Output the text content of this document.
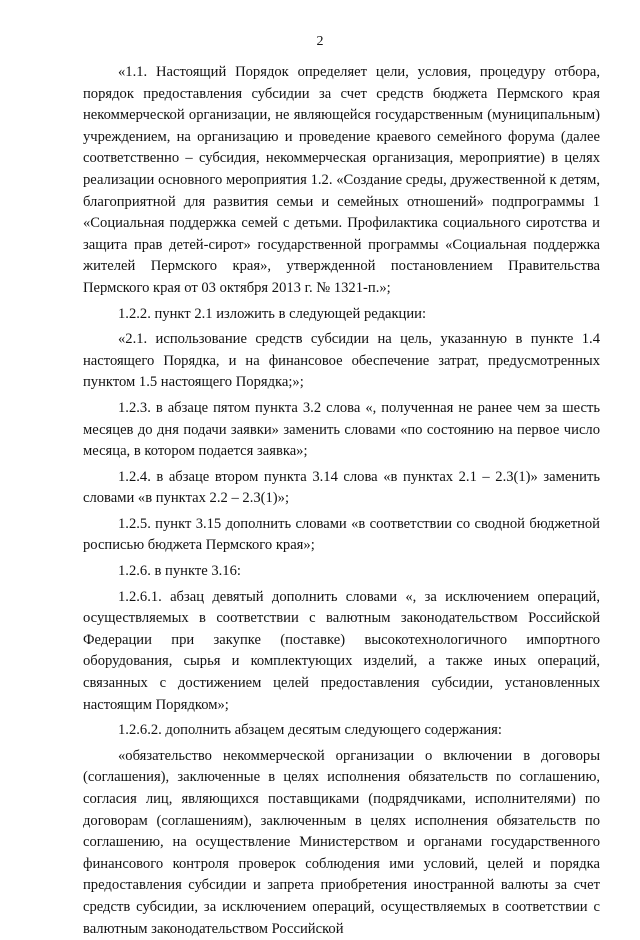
2

«1.1. Настоящий Порядок определяет цели, условия, процедуру отбора, порядок предоставления субсидии за счет средств бюджета Пермского края некоммерческой организации, не являющейся государственным (муниципальным) учреждением, на организацию и проведение краевого семейного форума (далее соответственно – субсидия, некоммерческая организация, мероприятие) в целях реализации основного мероприятия 1.2. «Создание среды, дружественной к детям, благоприятной для развития семьи и семейных отношений» подпрограммы 1 «Социальная поддержка семей с детьми. Профилактика социального сиротства и защита прав детей-сирот» государственной программы «Социальная поддержка жителей Пермского края», утвержденной постановлением Правительства Пермского края от 03 октября 2013 г. № 1321-п.»;

1.2.2. пункт 2.1 изложить в следующей редакции:

«2.1. использование средств субсидии на цель, указанную в пункте 1.4 настоящего Порядка, и на финансовое обеспечение затрат, предусмотренных пунктом 1.5 настоящего Порядка;»;

1.2.3. в абзаце пятом пункта 3.2 слова «, полученная не ранее чем за шесть месяцев до дня подачи заявки» заменить словами «по состоянию на первое число месяца, в котором подается заявка»;

1.2.4. в абзаце втором пункта 3.14 слова «в пунктах 2.1 – 2.3(1)» заменить словами «в пунктах 2.2 – 2.3(1)»;

1.2.5. пункт 3.15 дополнить словами «в соответствии со сводной бюджетной росписью бюджета Пермского края»;

1.2.6. в пункте 3.16:

1.2.6.1. абзац девятый дополнить словами «, за исключением операций, осуществляемых в соответствии с валютным законодательством Российской Федерации при закупке (поставке) высокотехнологичного импортного оборудования, сырья и комплектующих изделий, а также иных операций, связанных с достижением целей предоставления субсидии, установленных настоящим Порядком»;

1.2.6.2. дополнить абзацем десятым следующего содержания:

«обязательство некоммерческой организации о включении в договоры (соглашения), заключенные в целях исполнения обязательств по соглашению, согласия лиц, являющихся поставщиками (подрядчиками, исполнителями) по договорам (соглашениям), заключенным в целях исполнения обязательств по соглашению, на осуществление Министерством и органами государственного финансового контроля проверок соблюдения ими условий, целей и порядка предоставления субсидии и запрета приобретения иностранной валюты за счет средств субсидии, за исключением операций, осуществляемых в соответствии с валютным законодательством Российской
